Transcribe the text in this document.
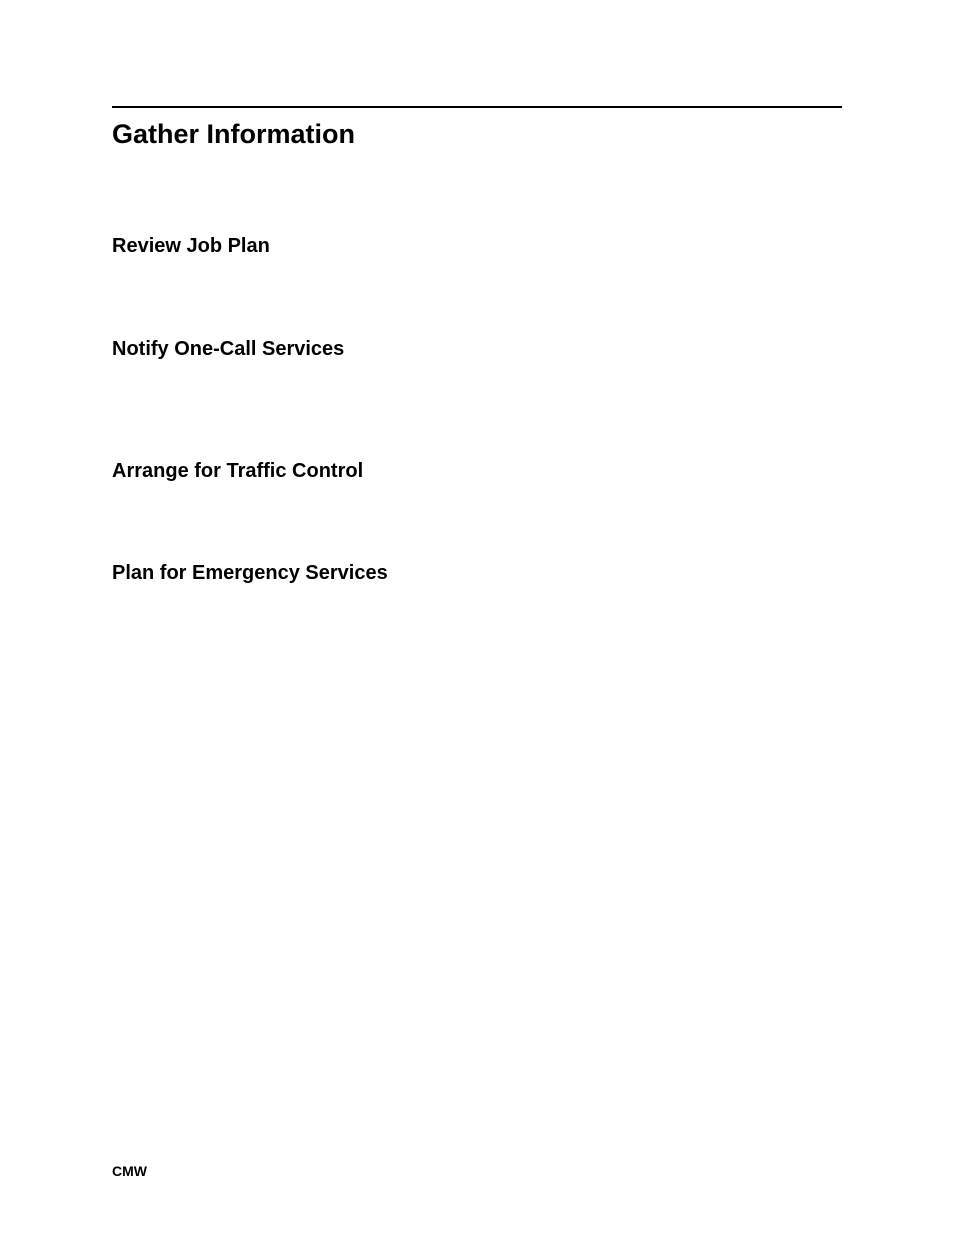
Gather Information
Review Job Plan
Notify One-Call Services
Arrange for Traffic Control
Plan for Emergency Services
CMW
